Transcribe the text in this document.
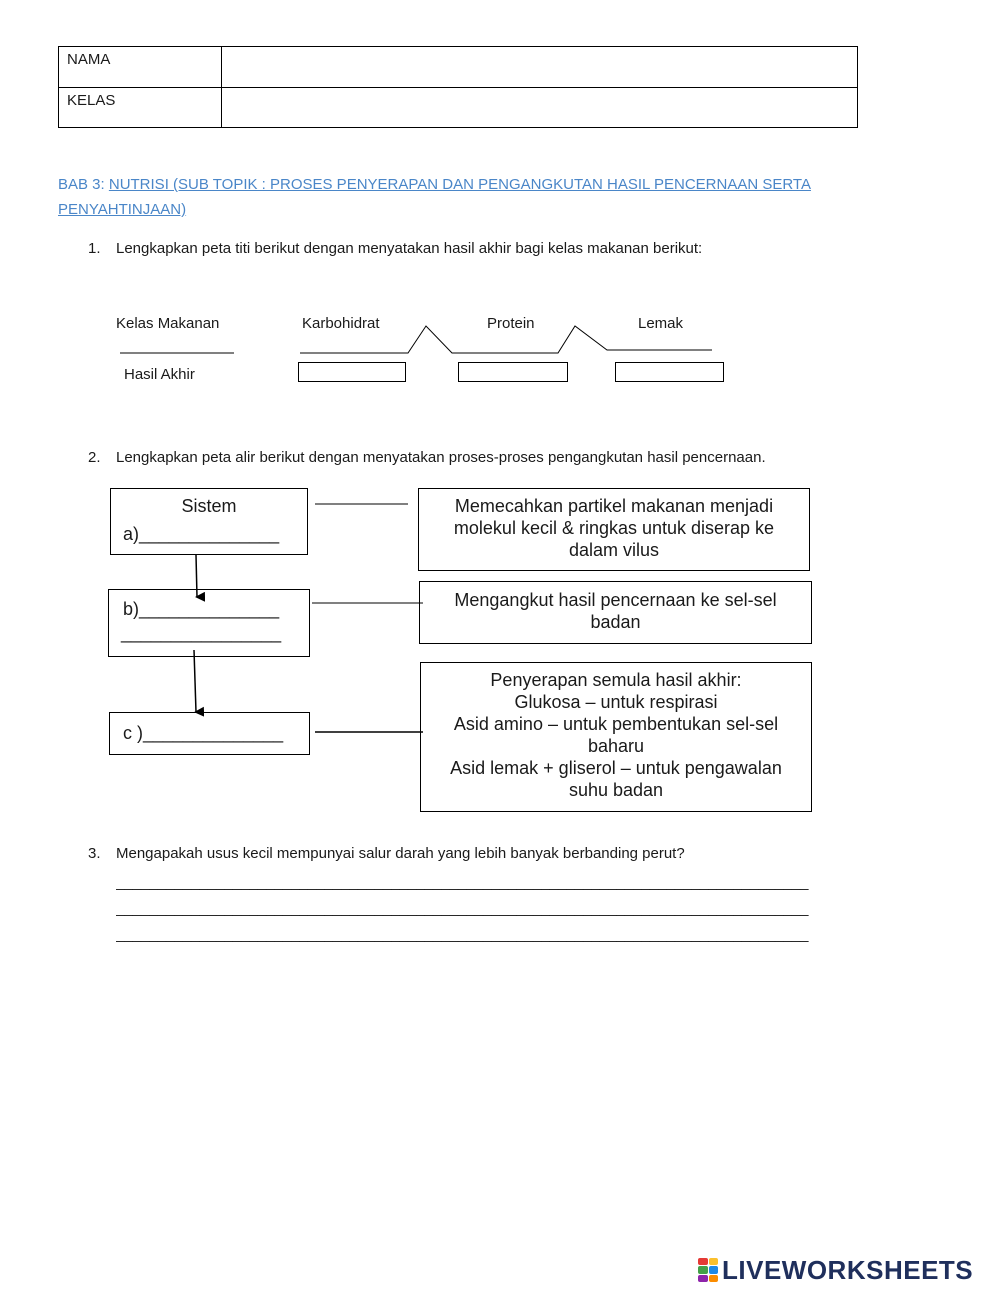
NAMA
KELAS
BAB 3: NUTRISI (SUB TOPIK : PROSES PENYERAPAN DAN PENGANGKUTAN HASIL PENCERNAAN SERTA
PENYAHTINJAAN)
1. Lengkapkan peta titi berikut dengan menyatakan hasil akhir bagi kelas makanan berikut:
Kelas Makanan
Hasil Akhir
Karbohidrat	Protein	Lemak
2. Lengkapkan peta alir berikut dengan menyatakan proses-proses pengangkutan hasil pencernaan.
Sistem
a)______________
b)______________
________________
c )______________
Memecahkan partikel makanan menjadi
molekul kecil & ringkas untuk diserap ke
dalam vilus
Mengangkut hasil pencernaan ke sel-sel
badan
Penyerapan semula hasil akhir:
Glukosa – untuk respirasi
Asid amino – untuk pembentukan sel-sel
baharu
Asid lemak + gliserol – untuk pengawalan
suhu badan
3. Mengapakah usus kecil mempunyai salur darah yang lebih banyak berbanding perut?
___________________________________________________________________________________
___________________________________________________________________________________
___________________________________________________________________________________
LIVEWORKSHEETS
